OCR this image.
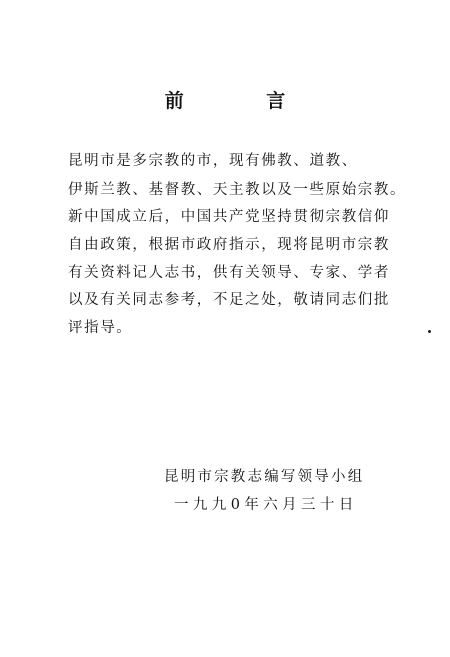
前 言
昆明市是多宗教的市，现有佛教、道教、
伊斯兰教、基督教、天主教以及一些原始宗教。
新中国成立后，中国共产党坚持贯彻宗教信仰
自由政策，根据市政府指示，现将昆明市宗教
有关资料记人志书，供有关领导、专家、学者
以及有关同志参考，不足之处，敬请同志们批
评指导。
昆明市宗教志编写领导小组
一九九0年六月三十日
